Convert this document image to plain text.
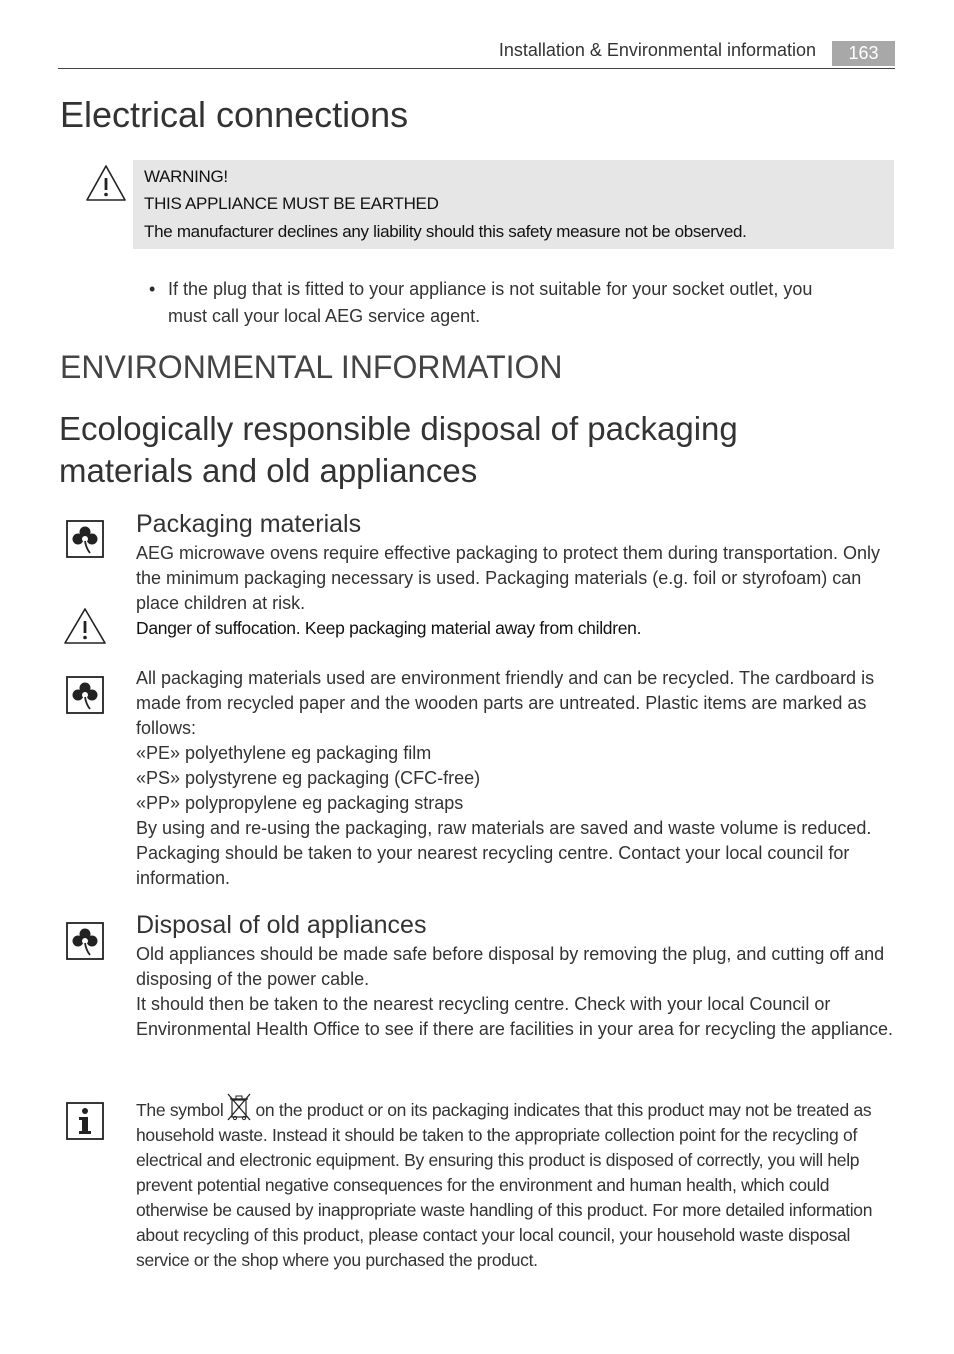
Installation & Environmental information	163
Electrical connections
WARNING!
THIS APPLIANCE MUST BE EARTHED
The manufacturer declines any liability should this safety measure not be observed.
• If the plug that is fitted to your appliance is not suitable for your socket outlet, you must call your local AEG service agent.
ENVIRONMENTAL INFORMATION
Ecologically responsible disposal of packaging materials and old appliances
Packaging materials
AEG microwave ovens require effective packaging to protect them during transportation. Only the minimum packaging necessary is used. Packaging materials (e.g. foil or styrofoam) can place children at risk.
Danger of suffocation. Keep packaging material away from children.

All packaging materials used are environment friendly and can be recycled. The cardboard is made from recycled paper and the wooden parts are untreated. Plastic items are marked as follows:

«PE» polyethylene eg packaging film

«PS» polystyrene eg packaging (CFC-free)

«PP» polypropylene eg packaging straps

By using and re-using the packaging, raw materials are saved and waste volume is reduced. Packaging should be taken to your nearest recycling centre. Contact your local council for information.

Disposal of old appliances

Old appliances should be made safe before disposal by removing the plug, and cutting off and disposing of the power cable.

It should then be taken to the nearest recycling centre. Check with your local Council or Environmental Health Office to see if there are facilities in your area for recycling the appliance.

The symbol on the product or on its packaging indicates that this product may not be treated as household waste. Instead it should be taken to the appropriate collection point for the recycling of electrical and electronic equipment. By ensuring this product is disposed of correctly, you will help prevent potential negative consequences for the environment and human health, which could otherwise be caused by inappropriate waste handling of this product. For more detailed information about recycling of this product, please contact your local council, your household waste disposal service or the shop where you purchased the product.
